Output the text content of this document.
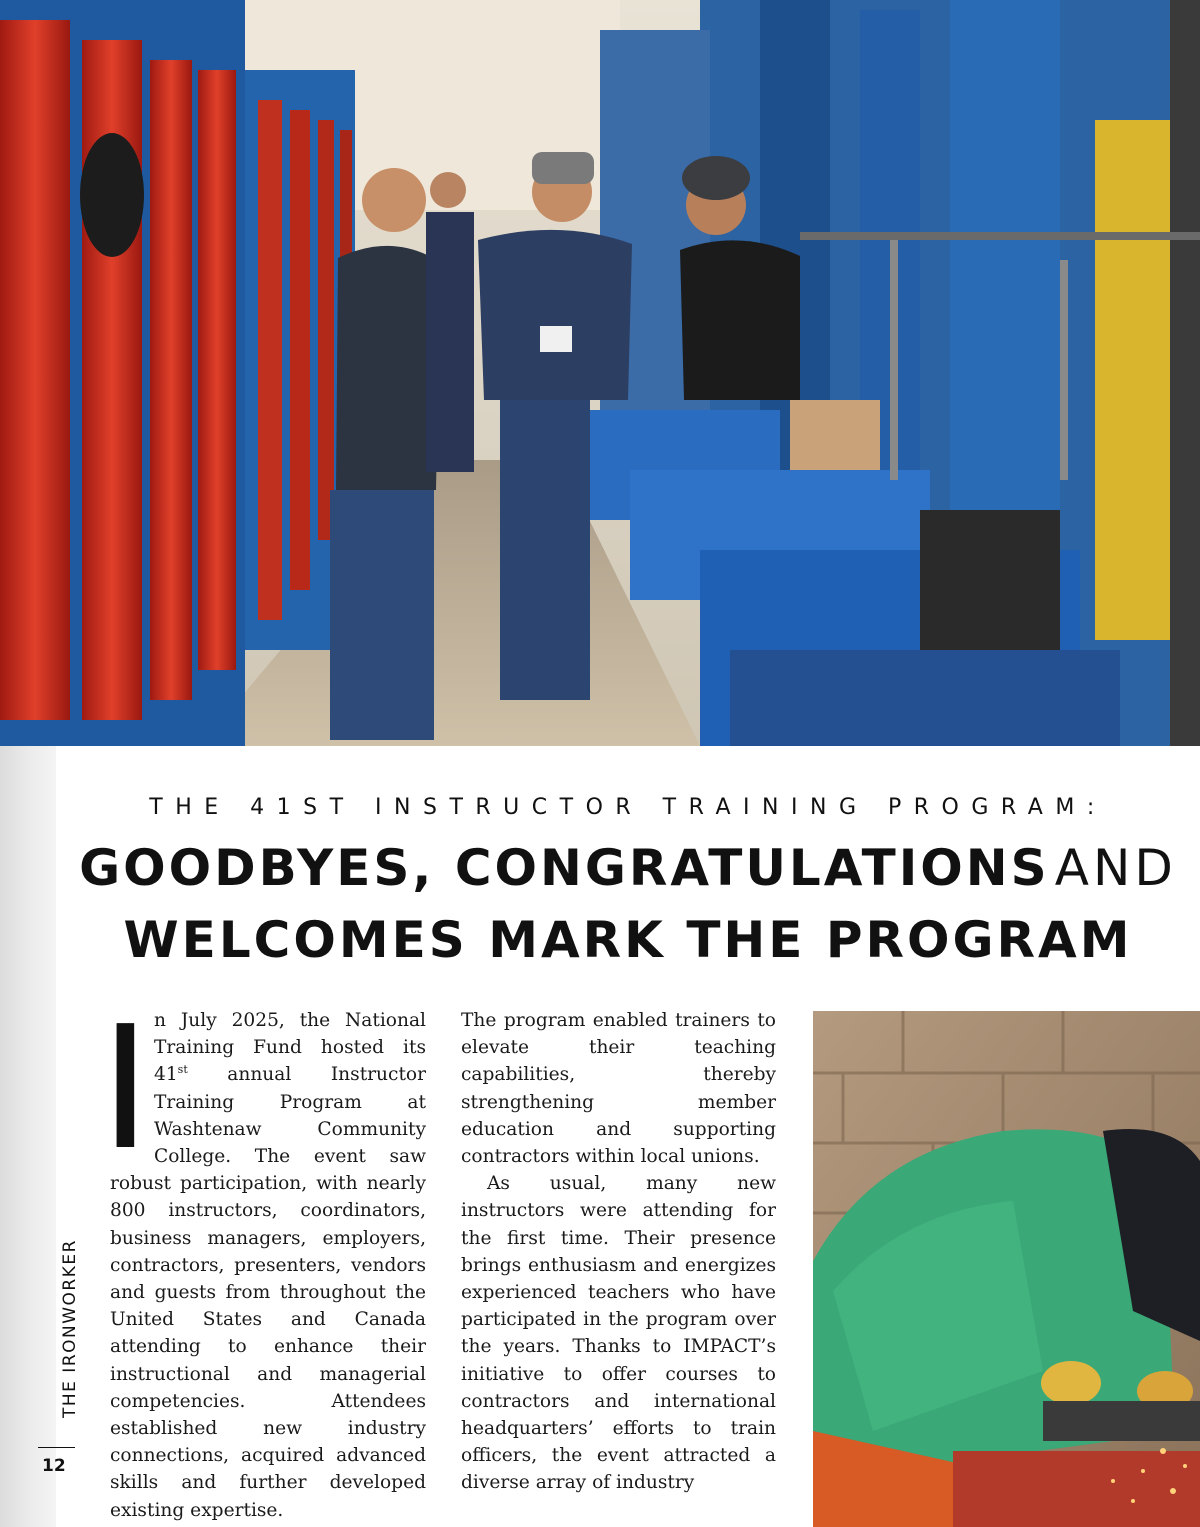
THE IRONWORKER
12
THE 41ST INSTRUCTOR TRAINING PROGRAM:
GOODBYES, CONGRATULATIONS AND
WELCOMES MARK THE PROGRAM

In July 2025, the National Training Fund hosted its 41st annual Instructor Training Program at Washtenaw Community College. The event saw robust participation, with nearly 800 instructors, coordinators, business managers, employers, contractors, presenters, vendors and guests from throughout the United States and Canada attending to enhance their instructional and managerial competencies. Attendees established new industry connections, acquired advanced skills and further developed existing expertise.

The program enabled trainers to elevate their teaching capabilities, thereby strengthening member education and supporting contractors within local unions.

As usual, many new instructors were attending for the first time. Their presence brings enthusiasm and energizes experienced teachers who have participated in the program over the years. Thanks to IMPACT’s initiative to offer courses to contractors and international headquarters’ efforts to train officers, the event attracted a diverse array of industry
